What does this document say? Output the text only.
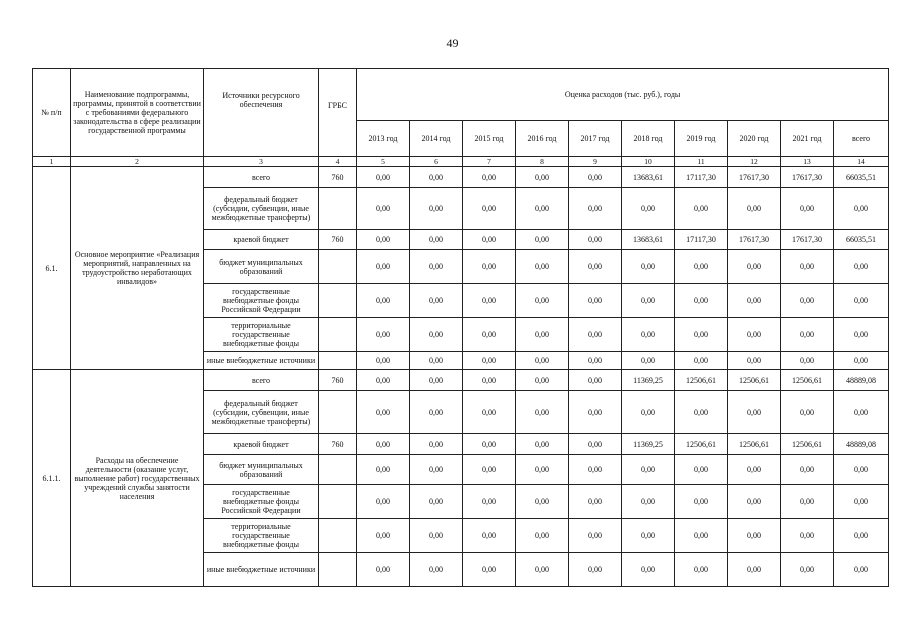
49
№ п/п	Наименование подпрограммы, программы, принятой в соответствии с требованиями федерального законодательства в сфере реализации государственной программы	Источники ресурсного обеспечения	ГРБС	Оценка расходов (тыс. руб.), годы									
				2013 год	2014 год	2015 год	2016 год	2017 год	2018 год	2019 год	2020 год	2021 год	всего
1	2	3	4	5	6	7	8	9	10	11	12	13	14
6.1.	Основное мероприятие «Реализация мероприятий, направленных на трудоустройство неработающих инвалидов»	всего	760	0,00	0,00	0,00	0,00	0,00	13683,61	17117,30	17617,30	17617,30	66035,51
		федеральный бюджет (субсидии, субвенции, иные межбюджетные трансферты)		0,00	0,00	0,00	0,00	0,00	0,00	0,00	0,00	0,00	0,00
		краевой бюджет	760	0,00	0,00	0,00	0,00	0,00	13683,61	17117,30	17617,30	17617,30	66035,51
		бюджет муниципальных образований		0,00	0,00	0,00	0,00	0,00	0,00	0,00	0,00	0,00	0,00
		государственные внебюджетные фонды Российской Федерации		0,00	0,00	0,00	0,00	0,00	0,00	0,00	0,00	0,00	0,00
		территориальные государственные внебюджетные фонды		0,00	0,00	0,00	0,00	0,00	0,00	0,00	0,00	0,00	0,00
		иные внебюджетные источники		0,00	0,00	0,00	0,00	0,00	0,00	0,00	0,00	0,00	0,00
6.1.1.	Расходы на обеспечение деятельности (оказание услуг, выполнение работ) государственных учреждений службы занятости населения	всего	760	0,00	0,00	0,00	0,00	0,00	11369,25	12506,61	12506,61	12506,61	48889,08
		федеральный бюджет (субсидии, субвенции, иные межбюджетные трансферты)		0,00	0,00	0,00	0,00	0,00	0,00	0,00	0,00	0,00	0,00
		краевой бюджет	760	0,00	0,00	0,00	0,00	0,00	11369,25	12506,61	12506,61	12506,61	48889,08
		бюджет муниципальных образований		0,00	0,00	0,00	0,00	0,00	0,00	0,00	0,00	0,00	0,00
		государственные внебюджетные фонды Российской Федерации		0,00	0,00	0,00	0,00	0,00	0,00	0,00	0,00	0,00	0,00
		территориальные государственные внебюджетные фонды		0,00	0,00	0,00	0,00	0,00	0,00	0,00	0,00	0,00	0,00
		иные внебюджетные источники		0,00	0,00	0,00	0,00	0,00	0,00	0,00	0,00	0,00	0,00
